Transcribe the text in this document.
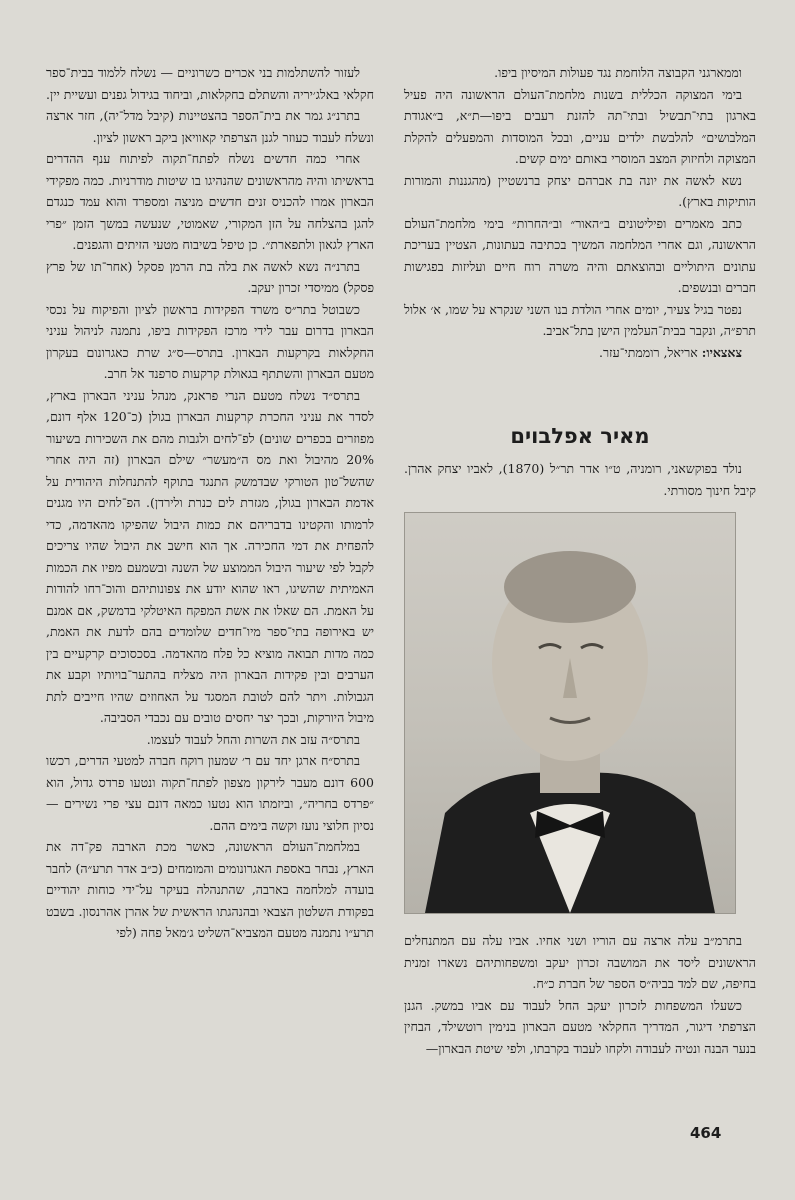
וממארגני הקבוצה הלוחמת נגד פעולות המיסיון ביפו.

בימי המצוקה הכללית בשנות מלחמת־העולם הראשונה היה פעיל בארגון בתי־תבשיל ובתי־תה להזנת רעבים ביפו—ת״א, ב״אגודת המלבושים״ להלבשת ילדים עניים, ובכל המוסדות והמפעלים להקלת המצוקה ולחיזוק המצב המוסרי באותם ימים קשים.

נשא לאשה את יונה בת אברהם יצחק ברנשטיין (מהגננות והמורות הותיקות בארץ).

כתב מאמרים ופיליטונים ב״האור״ וב״החרות״ בימי מלחמת־העולם הראשונה, וגם אחרי המלחמה המשיך בכתיבה בעתונות, הצטיין בעריכת עתונים היתוליים ובהוצאתם והיה משרה רוח חיים ועליזות בפגישות חברים ובנשפים.

נפטר בגיל צעיר, יומים אחרי הולדת בנו השני שנקרא על שמו, א׳ אלול תרפ״ה, ונקבר בבית־העלמין הישן בתל־אביב.

צאצאיו: אריאל, רוממתי־עזר.

מאיר אפלבוים

נולד בפוקשאני, רומניה, ט״ו אדר תר״ל (1870), לאביו יצחק אהרן. קיבל חינוך מסורתי.

בתרמ״ב עלה ארצה עם הוריו ושני אחיו. אביו עלה עם המתנחלים הראשונים ליסד את המושבה זכרון יעקב ומשפחותיהם נשארו זמנית בחיפה, שם למד בביה״ס הספר של חברת כ״ח.

כשעלו המשפחות לזכרון יעקב החל לעבוד עם אביו במשק. הגנן הצרפתי דיגור, המדריך החקלאי מטעם הבארון בנימין רוטשילד, הבחין בנער הבנה ונטיה לעבודה ולקחו לעבוד בקרבתו, ולפי שיטת הבארון—

לעזור להשתלמות בני אכרים כשרוניים — נשלח ללמוד בבית־ספר חקלאי באלג׳יריה והשתלם בחקלאות, וביחוד בגידול גפנים ועשיית יין.

בתרנ״ג גמר את בית־הספר בהצטיינות (קיבל מדל־יה), חזר ארצה ונשלח לעבוד כעוזר לגנן הצרפתי קאוויאן ביקב ראשון לציון.

אחרי כמה חדשים נשלח לפתח־תקוה לפיתוח ענף ההדרים בראשיתו והיה מהראשונים שהנהיגו בו שיטות מודרניות. כמה מפקידי הבארון אמרו להכניס זנים חדשים מניצה ומספרד והוא עמד כנגדם להגן בהצלחה על הזן המקורי, שאמוטי, שנעשה במשך הזמן ״פרי הארץ לגאון ולתפארת״. כן טיפל בשיבוח מטעי הזיתים והגפנים.

בתרנ״ה נשא לאשה את בלה בת הרמן פסקל (אחר־תו של פרץ פסקל) ממיסדי זכרון יעקב.

כשבוטל בתר״ס משרד הפקידות בראשון לציון והפיקוח על נכסי הבארון בדרום עבר לידי מרכז הפקידות ביפו, נתמנה לניהול עניני החקלאות בקרקעות הבארון. בתרס—ס״ג שרת כאגרונום בעקרון מטעם הבארון והשתתף בגאולת קרקעות סרפנד אל חרב.

בתרס״ד נשלח מטעם הנרי פראנק, מנהל עניני הבארון בארץ, לסדר את עניני החכרת קרקעות הבארון בגולן (כ־120 אלף דונם, מפוזרים בכפרים שונים) לפ־לחים ולגבות מהם את השכירות בשיעור 20% מהיבול ואת מס ה״מעשר״ שילם הבארון (זה היה אחרי שהשל־טון הטורקי שבדמשק התנגד בתוקף להתנחלות היהודית על אדמת הבארון בגולן, מגזרת לים כנרת ולירדן). הפ־לחים היו מגנים לרמותו והקטינו בדבריהם את כמות היבול שהפיקו מהאדמה, כדי להפחית את דמי החכירה. אך הוא חישב את היבול שהיו צריכים לקבל לפי שיעור היבול הממוצע של השנה ובשמעם מפיו את הכמות האמיתית שהשיגו, ראו שהוא יודע את צפונותיהם והוכ־רחו להודות על האמת. הם שאלו את אשת המפקח האיטלקי בדמשק, אם אמנם יש באירופה בתי־ספר מיו־חדים שלומדים בהם לדעת את האמת, כמה מדות תבואה מוציא כל פלח מהאדמה. בסכסוכים קרקעיים בין הערבים ובין פקידות הבארון היה מצליח בהתער־בויותיו וקבע את הגבולות. ויתר להם לטובת המסגד על האחוזים שהיו חייבים לתת מיבול היורקות, ובכך יצר יחסים טובים עם נכבדי הסביבה.

בתרס״ה עזב את השרות והחל לעבוד לעצמו.

בתרס״ח ארגן יחד עם ר׳ שמעון רוקח חברה למטעי הדרים, רכשו 600 דונם מעבר לירקון מצפון לפתח־תקוה ונטעו פרדס גדול, הוא ״פרדס בחריה״, וביזמתו הוא נטעו כמאה דונם עצי פרי נשירים — נסיון חלוצי נועז וקשה בימים ההם.

במלחמת־העולם הראשונה, כאשר מכת הארבה פק־דה את הארץ, נבחר באספת האגרונומים והמומחים (כ״ב אדר תרע״ה) לחבר בועדה למלחמה בארבה, שהתנהלה בעיקר על־ידי כוחות יהודיים בפקודת השלטון הצבאי ובהנהגתו הראשית של אהרן אהרנסון. בשבט תרע״ו נתמנה מטעם המצביא־השליט ג׳מאל פחה (לפי

464
